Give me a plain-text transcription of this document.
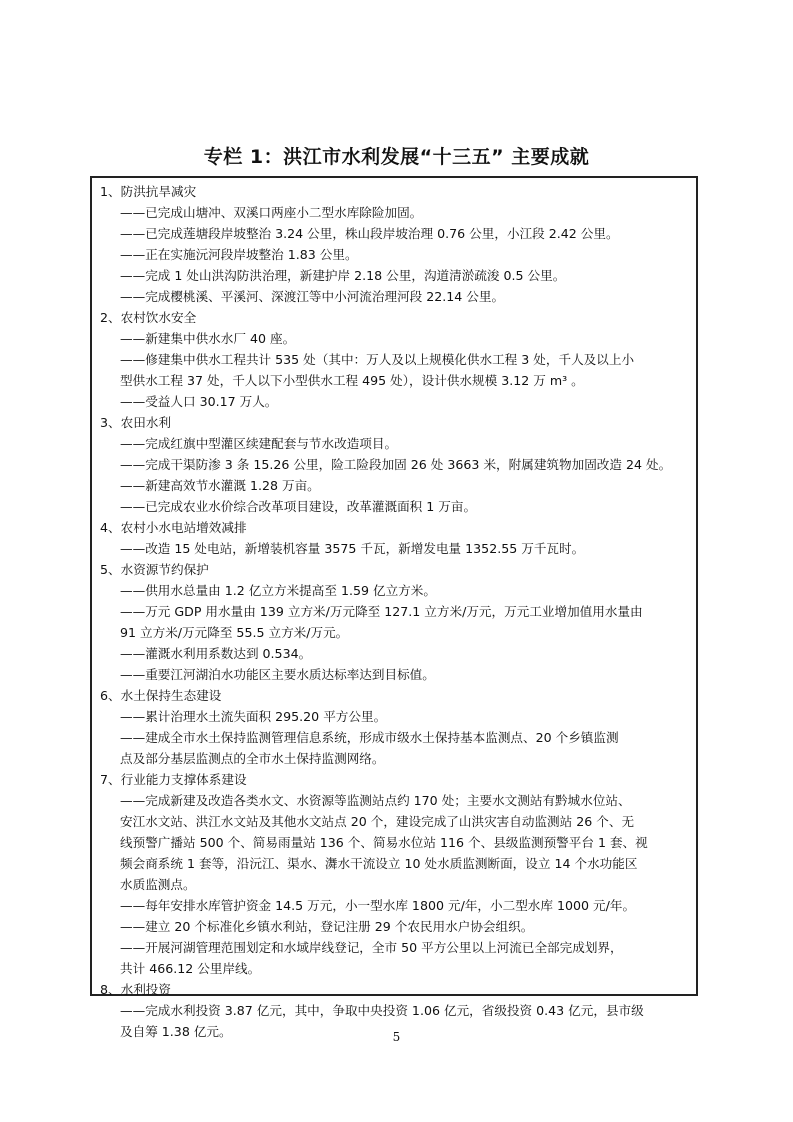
专栏 1：洪江市水利发展“十三五” 主要成就
1、防洪抗旱减灾
——已完成山塘冲、双溪口两座小二型水库除险加固。
——已完成莲塘段岸坡整治 3.24 公里，株山段岸坡治理 0.76 公里，小江段 2.42 公里。
——正在实施沅河段岸坡整治 1.83 公里。
——完成 1 处山洪沟防洪治理，新建护岸 2.18 公里，沟道清淤疏浚 0.5 公里。
——完成樱桃溪、平溪河、深渡江等中小河流治理河段 22.14 公里。
2、农村饮水安全
——新建集中供水水厂 40 座。
——修建集中供水工程共计 535 处（其中：万人及以上规模化供水工程 3 处，千人及以上小
型供水工程 37 处，千人以下小型供水工程 495 处），设计供水规模 3.12 万 m³ 。
——受益人口 30.17 万人。
3、农田水利
——完成红旗中型灌区续建配套与节水改造项目。
——完成干渠防渗 3 条 15.26 公里，险工险段加固 26 处 3663 米，附属建筑物加固改造 24 处。
——新建高效节水灌溉 1.28 万亩。
——已完成农业水价综合改革项目建设，改革灌溉面积 1 万亩。
4、农村小水电站增效减排
——改造 15 处电站，新增装机容量 3575 千瓦，新增发电量 1352.55 万千瓦时。
5、水资源节约保护
——供用水总量由 1.2 亿立方米提高至 1.59 亿立方米。
——万元 GDP 用水量由 139 立方米/万元降至 127.1 立方米/万元，万元工业增加值用水量由
91 立方米/万元降至 55.5 立方米/万元。
——灌溉水利用系数达到 0.534。
——重要江河湖泊水功能区主要水质达标率达到目标值。
6、水土保持生态建设
——累计治理水土流失面积 295.20 平方公里。
——建成全市水土保持监测管理信息系统，形成市级水土保持基本监测点、20 个乡镇监测
点及部分基层监测点的全市水土保持监测网络。
7、行业能力支撑体系建设
——完成新建及改造各类水文、水资源等监测站点约 170 处；主要水文测站有黔城水位站、
安江水文站、洪江水文站及其他水文站点 20 个，建设完成了山洪灾害自动监测站 26 个、无
线预警广播站 500 个、简易雨量站 136 个、简易水位站 116 个、县级监测预警平台 1 套、视
频会商系统 1 套等，沿沅江、渠水、㵲水干流设立 10 处水质监测断面，设立 14 个水功能区
水质监测点。
——每年安排水库管护资金 14.5 万元，小一型水库 1800 元/年，小二型水库 1000 元/年。
——建立 20 个标准化乡镇水利站，登记注册 29 个农民用水户协会组织。
——开展河湖管理范围划定和水域岸线登记，全市 50 平方公里以上河流已全部完成划界，
共计 466.12 公里岸线。
8、水利投资
——完成水利投资 3.87 亿元，其中，争取中央投资 1.06 亿元，省级投资 0.43 亿元，县市级
及自筹 1.38 亿元。	5
